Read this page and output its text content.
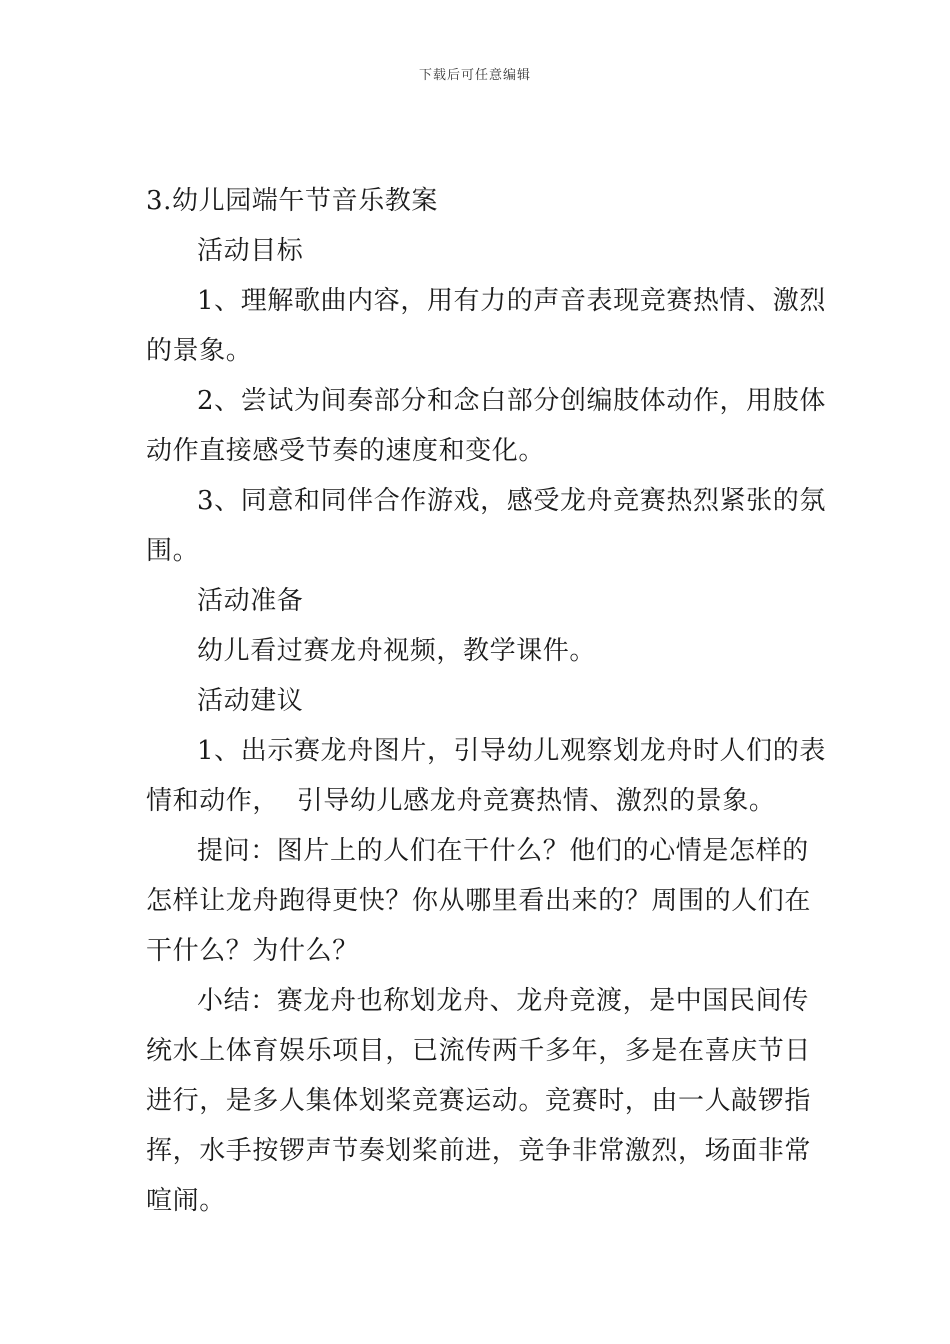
下载后可任意编辑
3.幼儿园端午节音乐教案
活动目标
1、理解歌曲内容，用有力的声音表现竞赛热情、激烈
的景象。
2、尝试为间奏部分和念白部分创编肢体动作，用肢体
动作直接感受节奏的速度和变化。
3、同意和同伴合作游戏，感受龙舟竞赛热烈紧张的氛
围。
活动准备
幼儿看过赛龙舟视频，教学课件。
活动建议
1、出示赛龙舟图片，引导幼儿观察划龙舟时人们的表
情和动作，  引导幼儿感龙舟竞赛热情、激烈的景象。
提问：图片上的人们在干什么？他们的心情是怎样的
怎样让龙舟跑得更快？你从哪里看出来的？周围的人们在
干什么？为什么？
小结：赛龙舟也称划龙舟、龙舟竞渡，是中国民间传
统水上体育娱乐项目，已流传两千多年，多是在喜庆节日
进行，是多人集体划桨竞赛运动。竞赛时，由一人敲锣指
挥，水手按锣声节奏划桨前进，竞争非常激烈，场面非常
喧闹。
